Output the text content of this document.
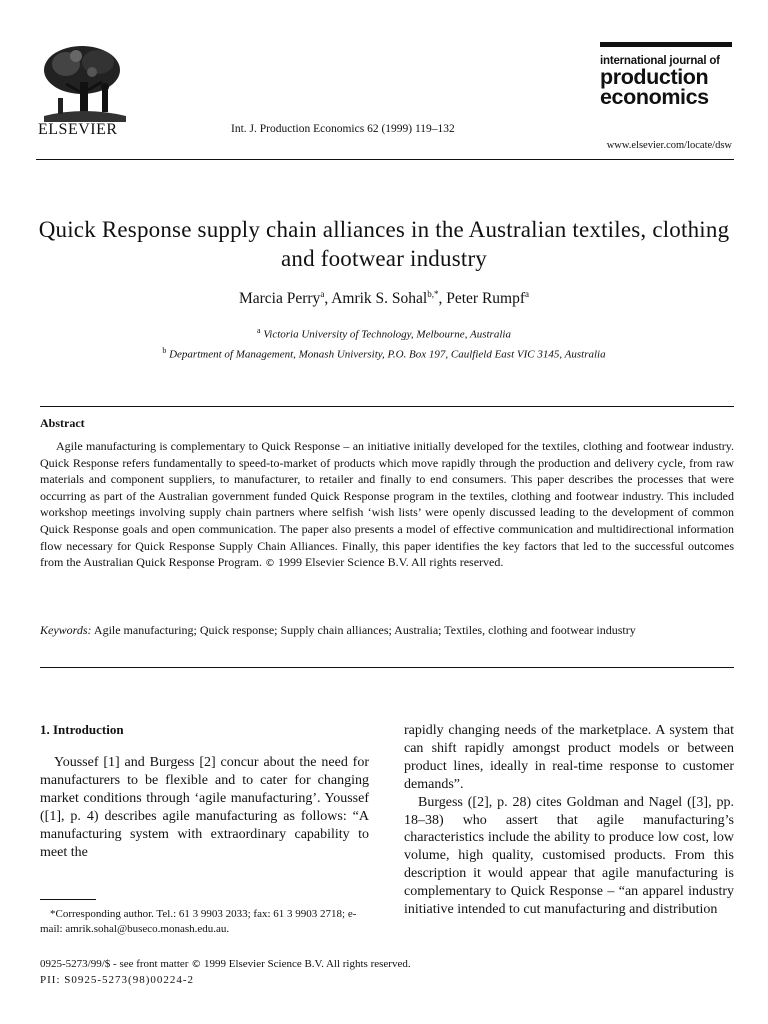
ELSEVIER	Int. J. Production Economics 62 (1999) 119–132
international journal of
production
economics
www.elsevier.com/locate/dsw
Quick Response supply chain alliances in the Australian textiles, clothing and footwear industry
Marcia Perry$^a$, Amrik S. Sohal$^{b,*}$, Peter Rumpf$^a$
$^a$ Victoria University of Technology, Melbourne, Australia
$^b$ Department of Management, Monash University, P.O. Box 197, Caulfield East VIC 3145, Australia
Abstract

Agile manufacturing is complementary to Quick Response – an initiative initially developed for the textiles, clothing and footwear industry. Quick Response refers fundamentally to speed-to-market of products which move rapidly through the production and delivery cycle, from raw materials and component suppliers, to manufacturer, to retailer and finally to end consumers. This paper describes the processes that were occurring as part of the Australian government funded Quick Response program in the textiles, clothing and footwear industry. This included workshop meetings involving supply chain partners where selfish ‘wish lists’ were openly discussed leading to the development of common Quick Response goals and open communication. The paper also presents a model of effective communication and multidirectional information flow necessary for Quick Response Supply Chain Alliances. Finally, this paper identifies the key factors that led to the successful outcomes from the Australian Quick Response Program. © 1999 Elsevier Science B.V. All rights reserved.

Keywords: Agile manufacturing; Quick response; Supply chain alliances; Australia; Textiles, clothing and footwear industry

1. Introduction

Youssef [1] and Burgess [2] concur about the need for manufacturers to be flexible and to cater for changing market conditions through ‘agile manufacturing’. Youssef ([1], p. 4) describes agile manufacturing as follows: “A manufacturing system with extraordinary capability to meet the

rapidly changing needs of the marketplace. A system that can shift rapidly amongst product models or between product lines, ideally in real-time response to customer demands”.

Burgess ([2], p. 28) cites Goldman and Nagel ([3], pp. 18–38) who assert that agile manufacturing’s characteristics include the ability to produce low cost, low volume, high quality, customised products. From this description it would appear that agile manufacturing is complementary to Quick Response – “an apparel industry initiative intended to cut manufacturing and distribution

*Corresponding author. Tel.: 61 3 9903 2033; fax: 61 3 9903 2718; e-mail: amrik.sohal@buseco.monash.edu.au.

0925-5273/99/$ - see front matter © 1999 Elsevier Science B.V. All rights reserved.
PII: S0925-5273(98)00224-2
